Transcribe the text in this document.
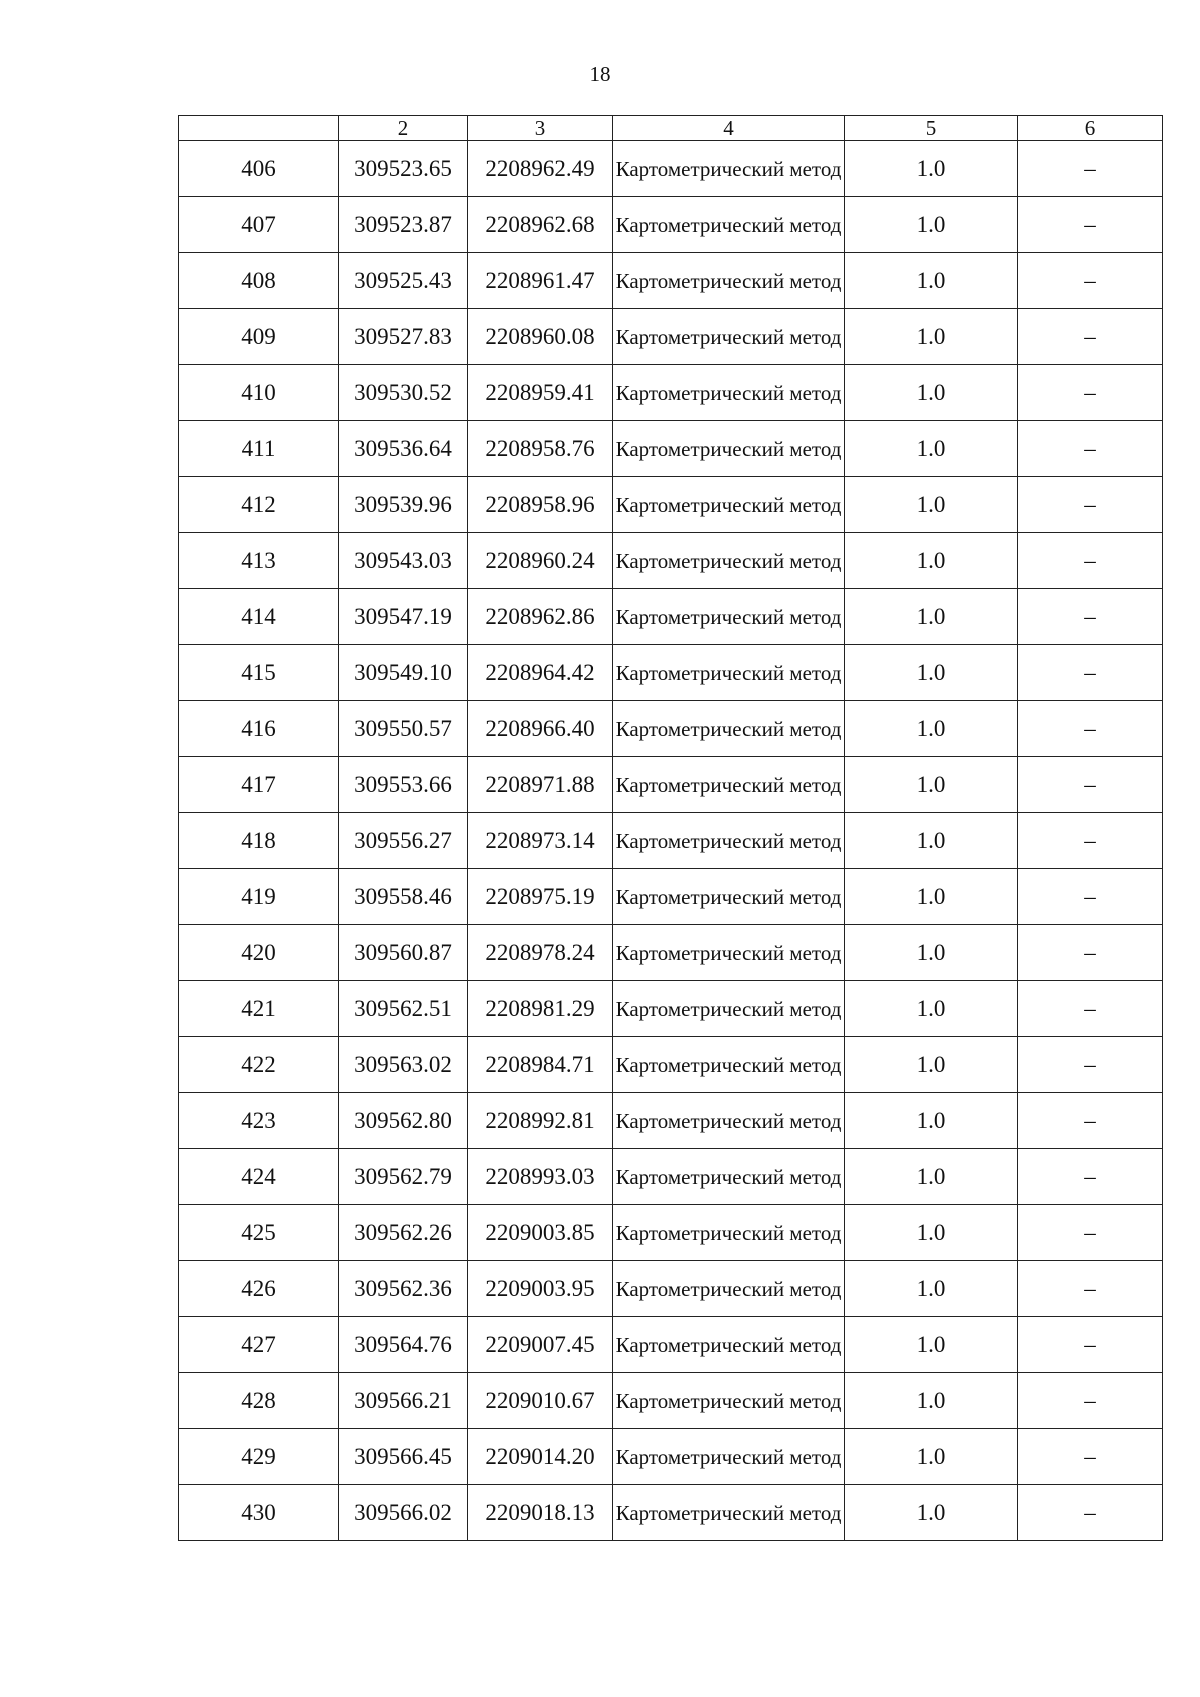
18
	2	3	4	5	6
406	309523.65	2208962.49	Картометрический метод	1.0	–
407	309523.87	2208962.68	Картометрический метод	1.0	–
408	309525.43	2208961.47	Картометрический метод	1.0	–
409	309527.83	2208960.08	Картометрический метод	1.0	–
410	309530.52	2208959.41	Картометрический метод	1.0	–
411	309536.64	2208958.76	Картометрический метод	1.0	–
412	309539.96	2208958.96	Картометрический метод	1.0	–
413	309543.03	2208960.24	Картометрический метод	1.0	–
414	309547.19	2208962.86	Картометрический метод	1.0	–
415	309549.10	2208964.42	Картометрический метод	1.0	–
416	309550.57	2208966.40	Картометрический метод	1.0	–
417	309553.66	2208971.88	Картометрический метод	1.0	–
418	309556.27	2208973.14	Картометрический метод	1.0	–
419	309558.46	2208975.19	Картометрический метод	1.0	–
420	309560.87	2208978.24	Картометрический метод	1.0	–
421	309562.51	2208981.29	Картометрический метод	1.0	–
422	309563.02	2208984.71	Картометрический метод	1.0	–
423	309562.80	2208992.81	Картометрический метод	1.0	–
424	309562.79	2208993.03	Картометрический метод	1.0	–
425	309562.26	2209003.85	Картометрический метод	1.0	–
426	309562.36	2209003.95	Картометрический метод	1.0	–
427	309564.76	2209007.45	Картометрический метод	1.0	–
428	309566.21	2209010.67	Картометрический метод	1.0	–
429	309566.45	2209014.20	Картометрический метод	1.0	–
430	309566.02	2209018.13	Картометрический метод	1.0	–
